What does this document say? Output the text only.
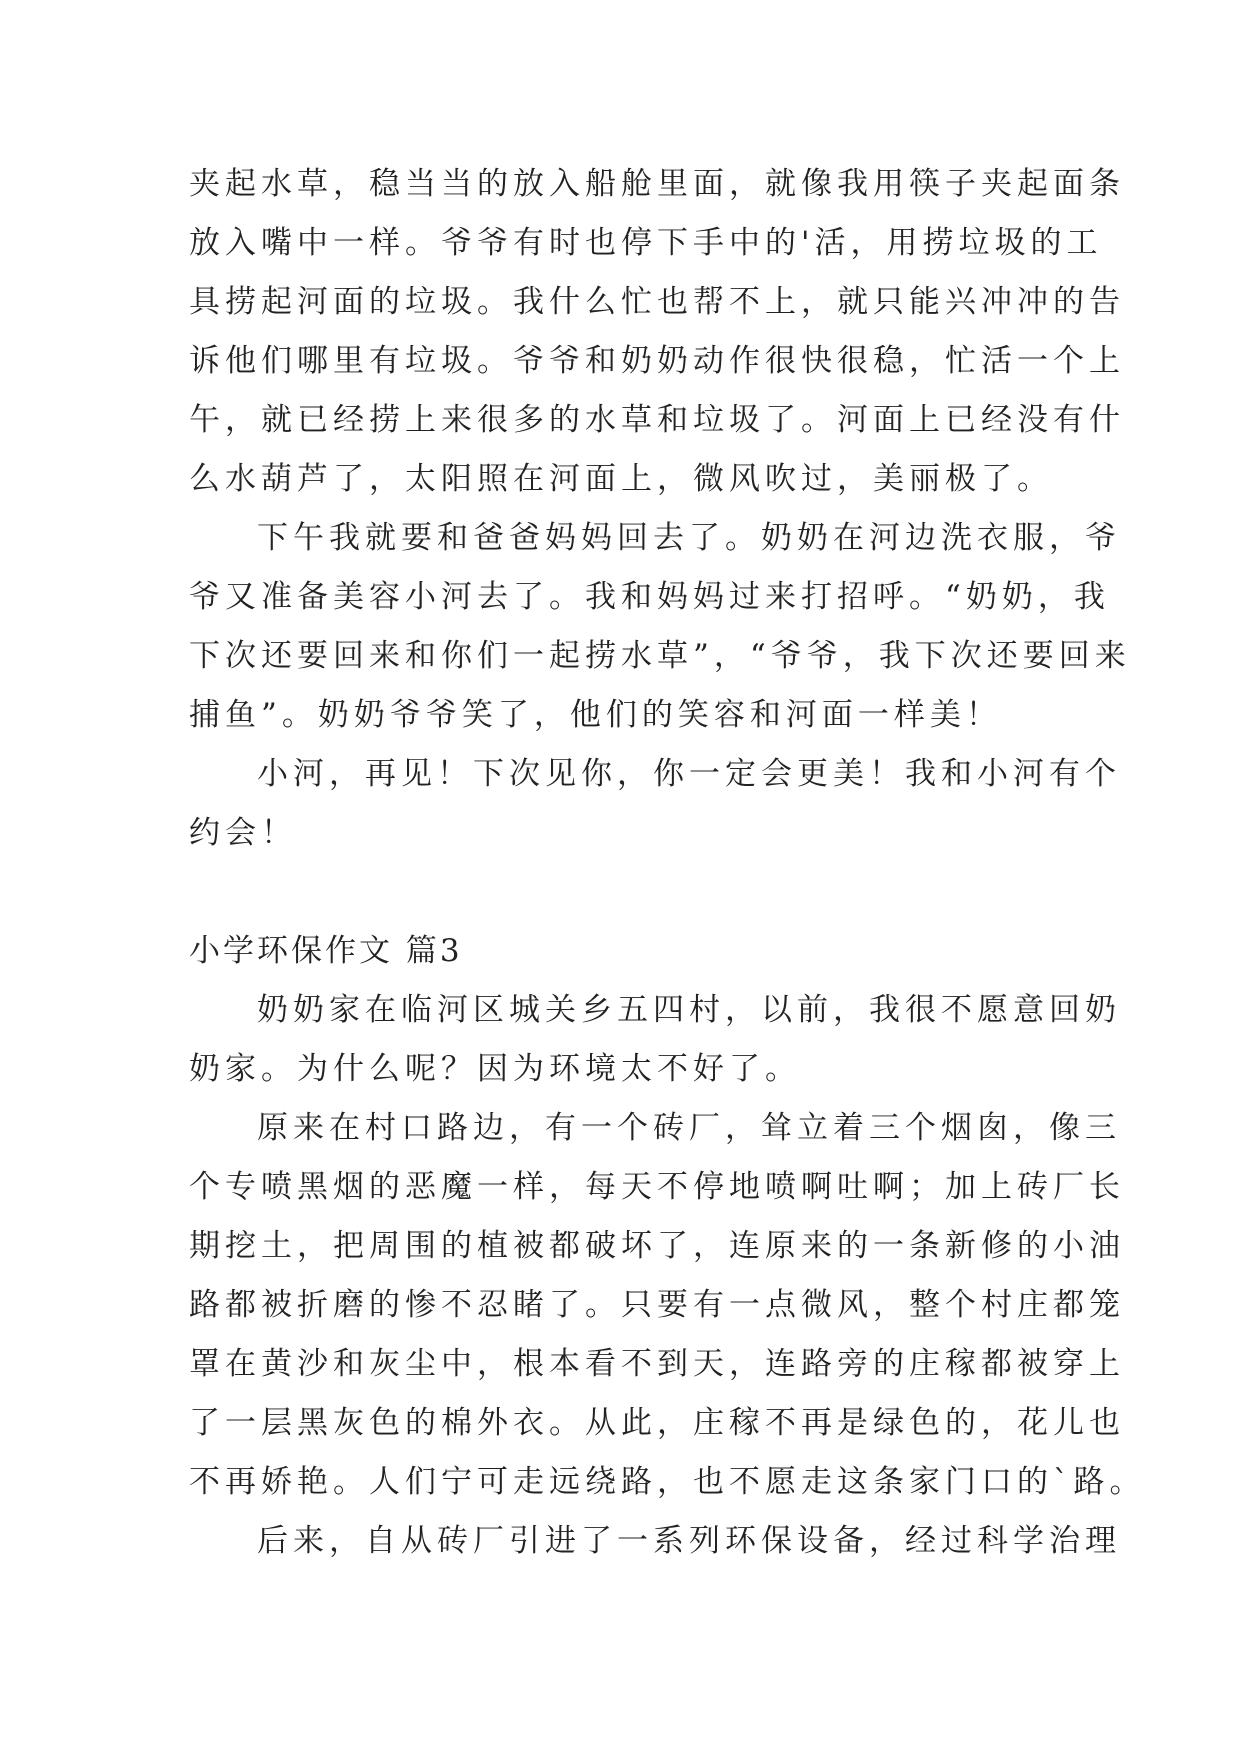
夹起水草，稳当当的放入船舱里面，就像我用筷子夹起面条
放入嘴中一样。爷爷有时也停下手中的'活，用捞垃圾的工
具捞起河面的垃圾。我什么忙也帮不上，就只能兴冲冲的告
诉他们哪里有垃圾。爷爷和奶奶动作很快很稳，忙活一个上
午，就已经捞上来很多的水草和垃圾了。河面上已经没有什
么水葫芦了，太阳照在河面上，微风吹过，美丽极了。
下午我就要和爸爸妈妈回去了。奶奶在河边洗衣服，爷
爷又准备美容小河去了。我和妈妈过来打招呼。“奶奶，我
下次还要回来和你们一起捞水草”，“爷爷，我下次还要回来
捕鱼”。奶奶爷爷笑了，他们的笑容和河面一样美！
小河，再见！下次见你，你一定会更美！我和小河有个
约会！
小学环保作文 篇3
奶奶家在临河区城关乡五四村，以前，我很不愿意回奶
奶家。为什么呢？因为环境太不好了。
原来在村口路边，有一个砖厂，耸立着三个烟囱，像三
个专喷黑烟的恶魔一样，每天不停地喷啊吐啊；加上砖厂长
期挖土，把周围的植被都破坏了，连原来的一条新修的小油
路都被折磨的惨不忍睹了。只要有一点微风，整个村庄都笼
罩在黄沙和灰尘中，根本看不到天，连路旁的庄稼都被穿上
了一层黑灰色的棉外衣。从此，庄稼不再是绿色的，花儿也
不再娇艳。人们宁可走远绕路，也不愿走这条家门口的`路。
后来，自从砖厂引进了一系列环保设备，经过科学治理
